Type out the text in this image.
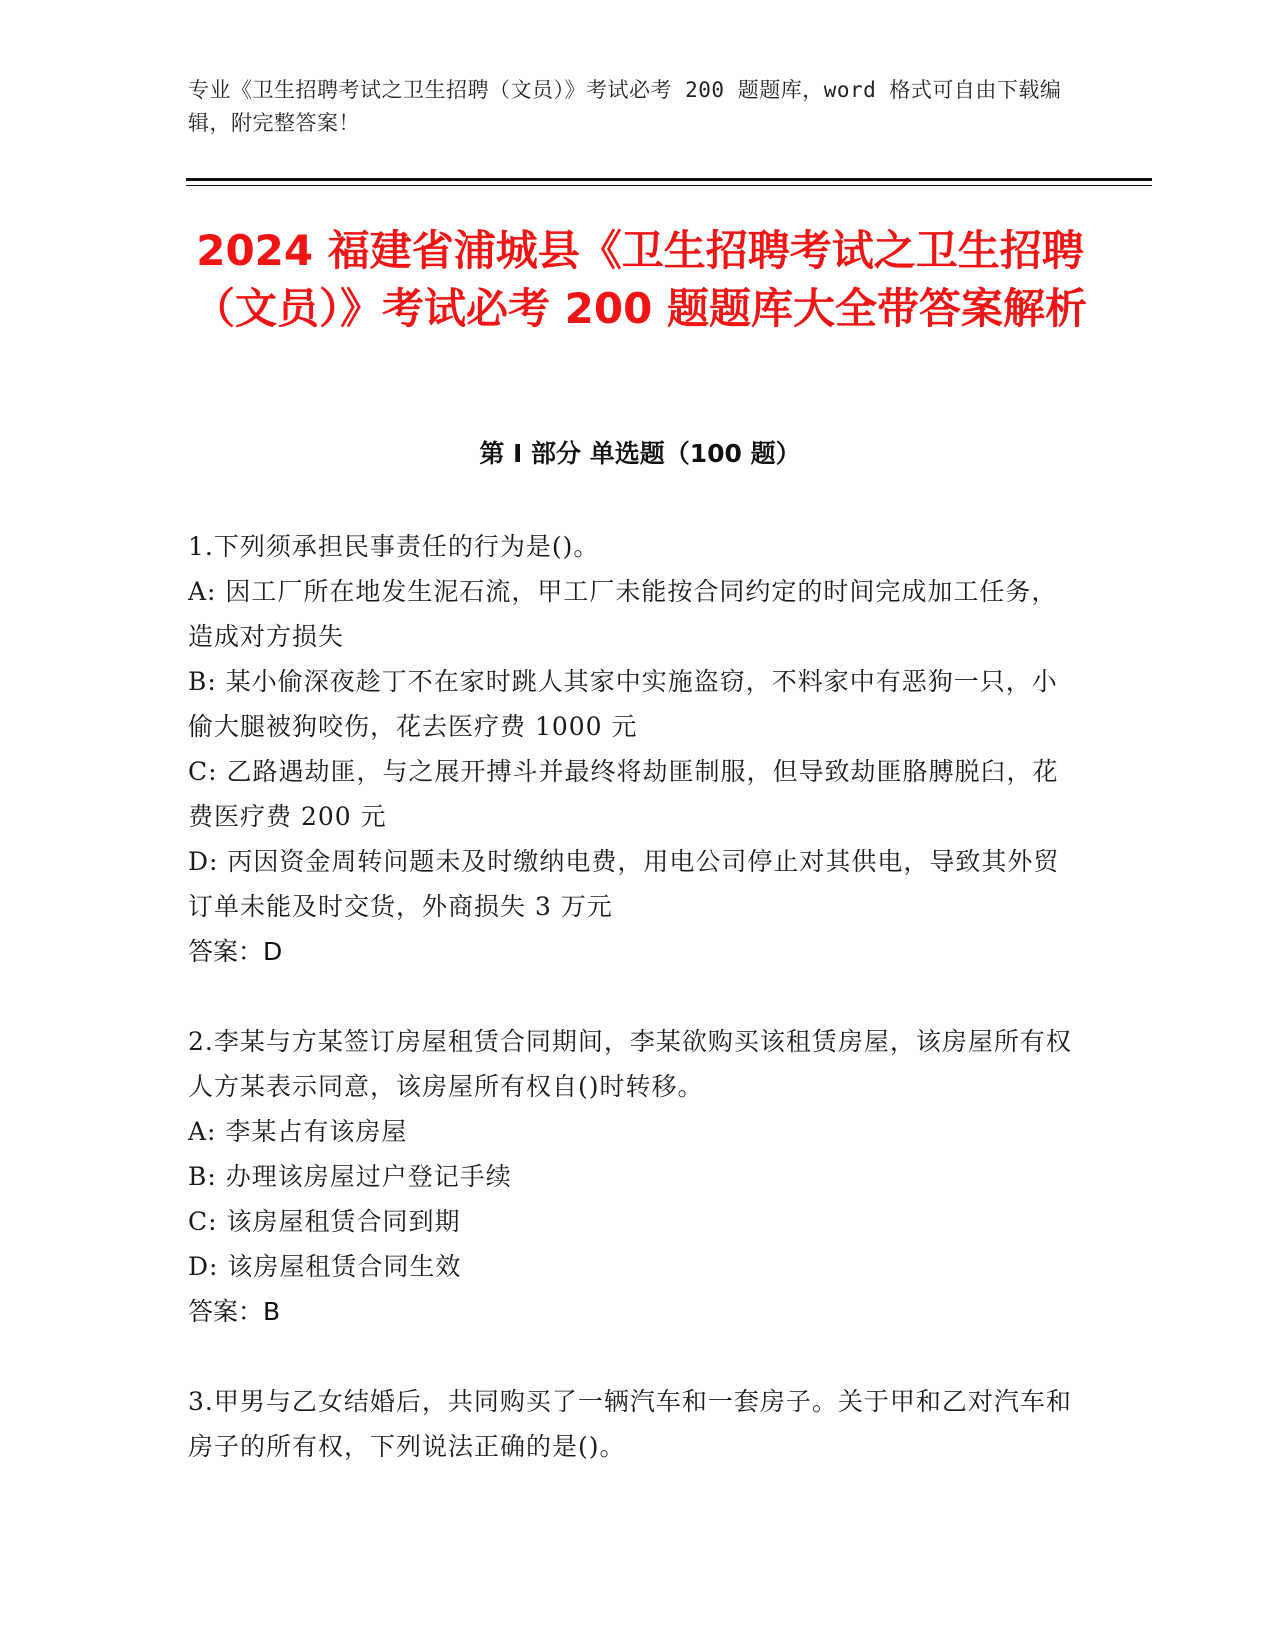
专业《卫生招聘考试之卫生招聘（文员）》考试必考 200 题题库，word 格式可自由下载编辑，附完整答案！
2024 福建省浦城县《卫生招聘考试之卫生招聘（文员）》考试必考 200 题题库大全带答案解析
第 I 部分 单选题（100 题）

1.下列须承担民事责任的行为是()。

A: 因工厂所在地发生泥石流，甲工厂未能按合同约定的时间完成加工任务，造成对方损失

B: 某小偷深夜趁丁不在家时跳人其家中实施盗窃，不料家中有恶狗一只，小偷大腿被狗咬伤，花去医疗费 1000 元

C: 乙路遇劫匪，与之展开搏斗并最终将劫匪制服，但导致劫匪胳膊脱臼，花费医疗费 200 元

D: 丙因资金周转问题未及时缴纳电费，用电公司停止对其供电，导致其外贸订单未能及时交货，外商损失 3 万元

答案：D

2.李某与方某签订房屋租赁合同期间，李某欲购买该租赁房屋，该房屋所有权人方某表示同意，该房屋所有权自()时转移。

A: 李某占有该房屋

B: 办理该房屋过户登记手续

C: 该房屋租赁合同到期

D: 该房屋租赁合同生效

答案：B

3.甲男与乙女结婚后，共同购买了一辆汽车和一套房子。关于甲和乙对汽车和房子的所有权，下列说法正确的是()。
